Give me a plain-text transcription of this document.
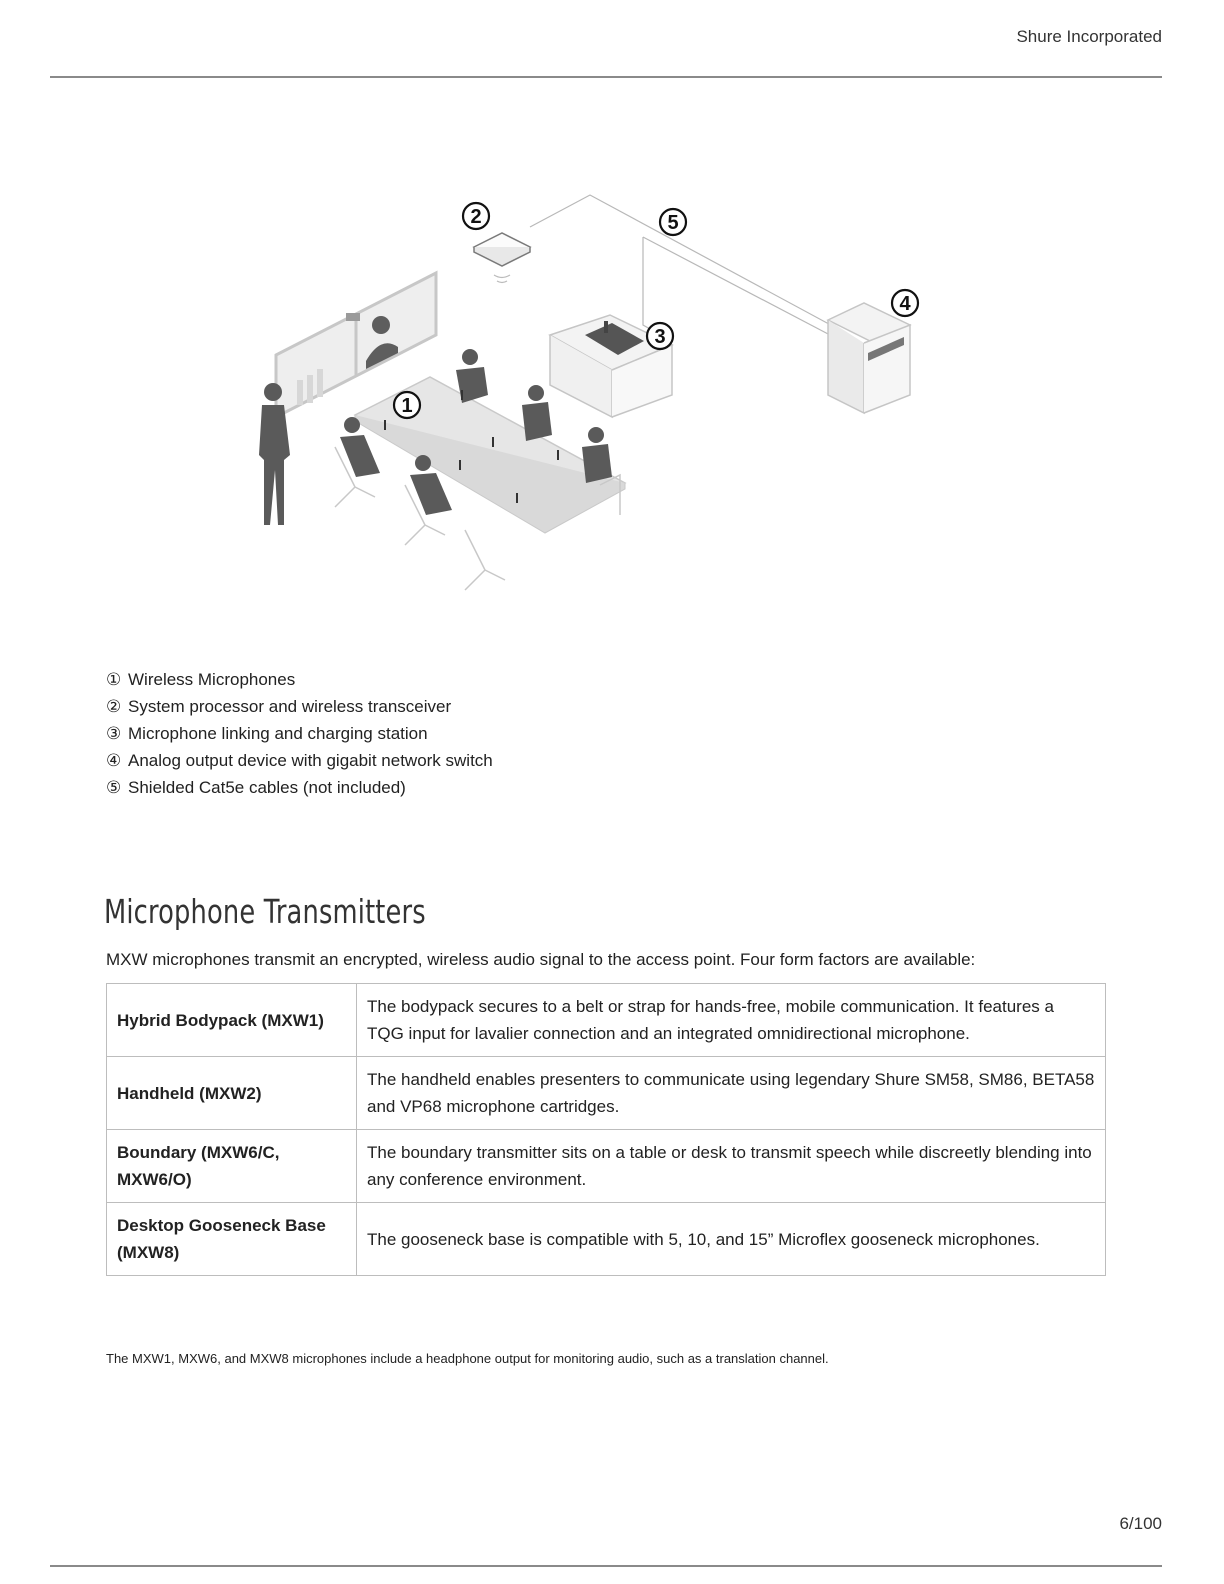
Shure Incorporated
2	5
4
3
1
① Wireless Microphones
② System processor and wireless transceiver
③ Microphone linking and charging station
④ Analog output device with gigabit network switch
⑤ Shielded Cat5e cables (not included)
Microphone Transmitters
MXW microphones transmit an encrypted, wireless audio signal to the access point. Four form factors are available:
Hybrid Bodypack (MXW1)	The bodypack secures to a belt or strap for hands-free, mobile communication. It features a TQG input for lavalier connection and an integrated omnidirectional microphone.
Handheld (MXW2)	The handheld enables presenters to communicate using legendary Shure SM58, SM86, BETA58 and VP68 microphone cartridges.
Boundary (MXW6/C, MXW6/O)	The boundary transmitter sits on a table or desk to transmit speech while discreetly blending into any conference environment.
Desktop Gooseneck Base (MXW8)	The gooseneck base is compatible with 5, 10, and 15” Microflex gooseneck microphones.
The MXW1, MXW6, and MXW8 microphones include a headphone output for monitoring audio, such as a translation channel.
6/100
